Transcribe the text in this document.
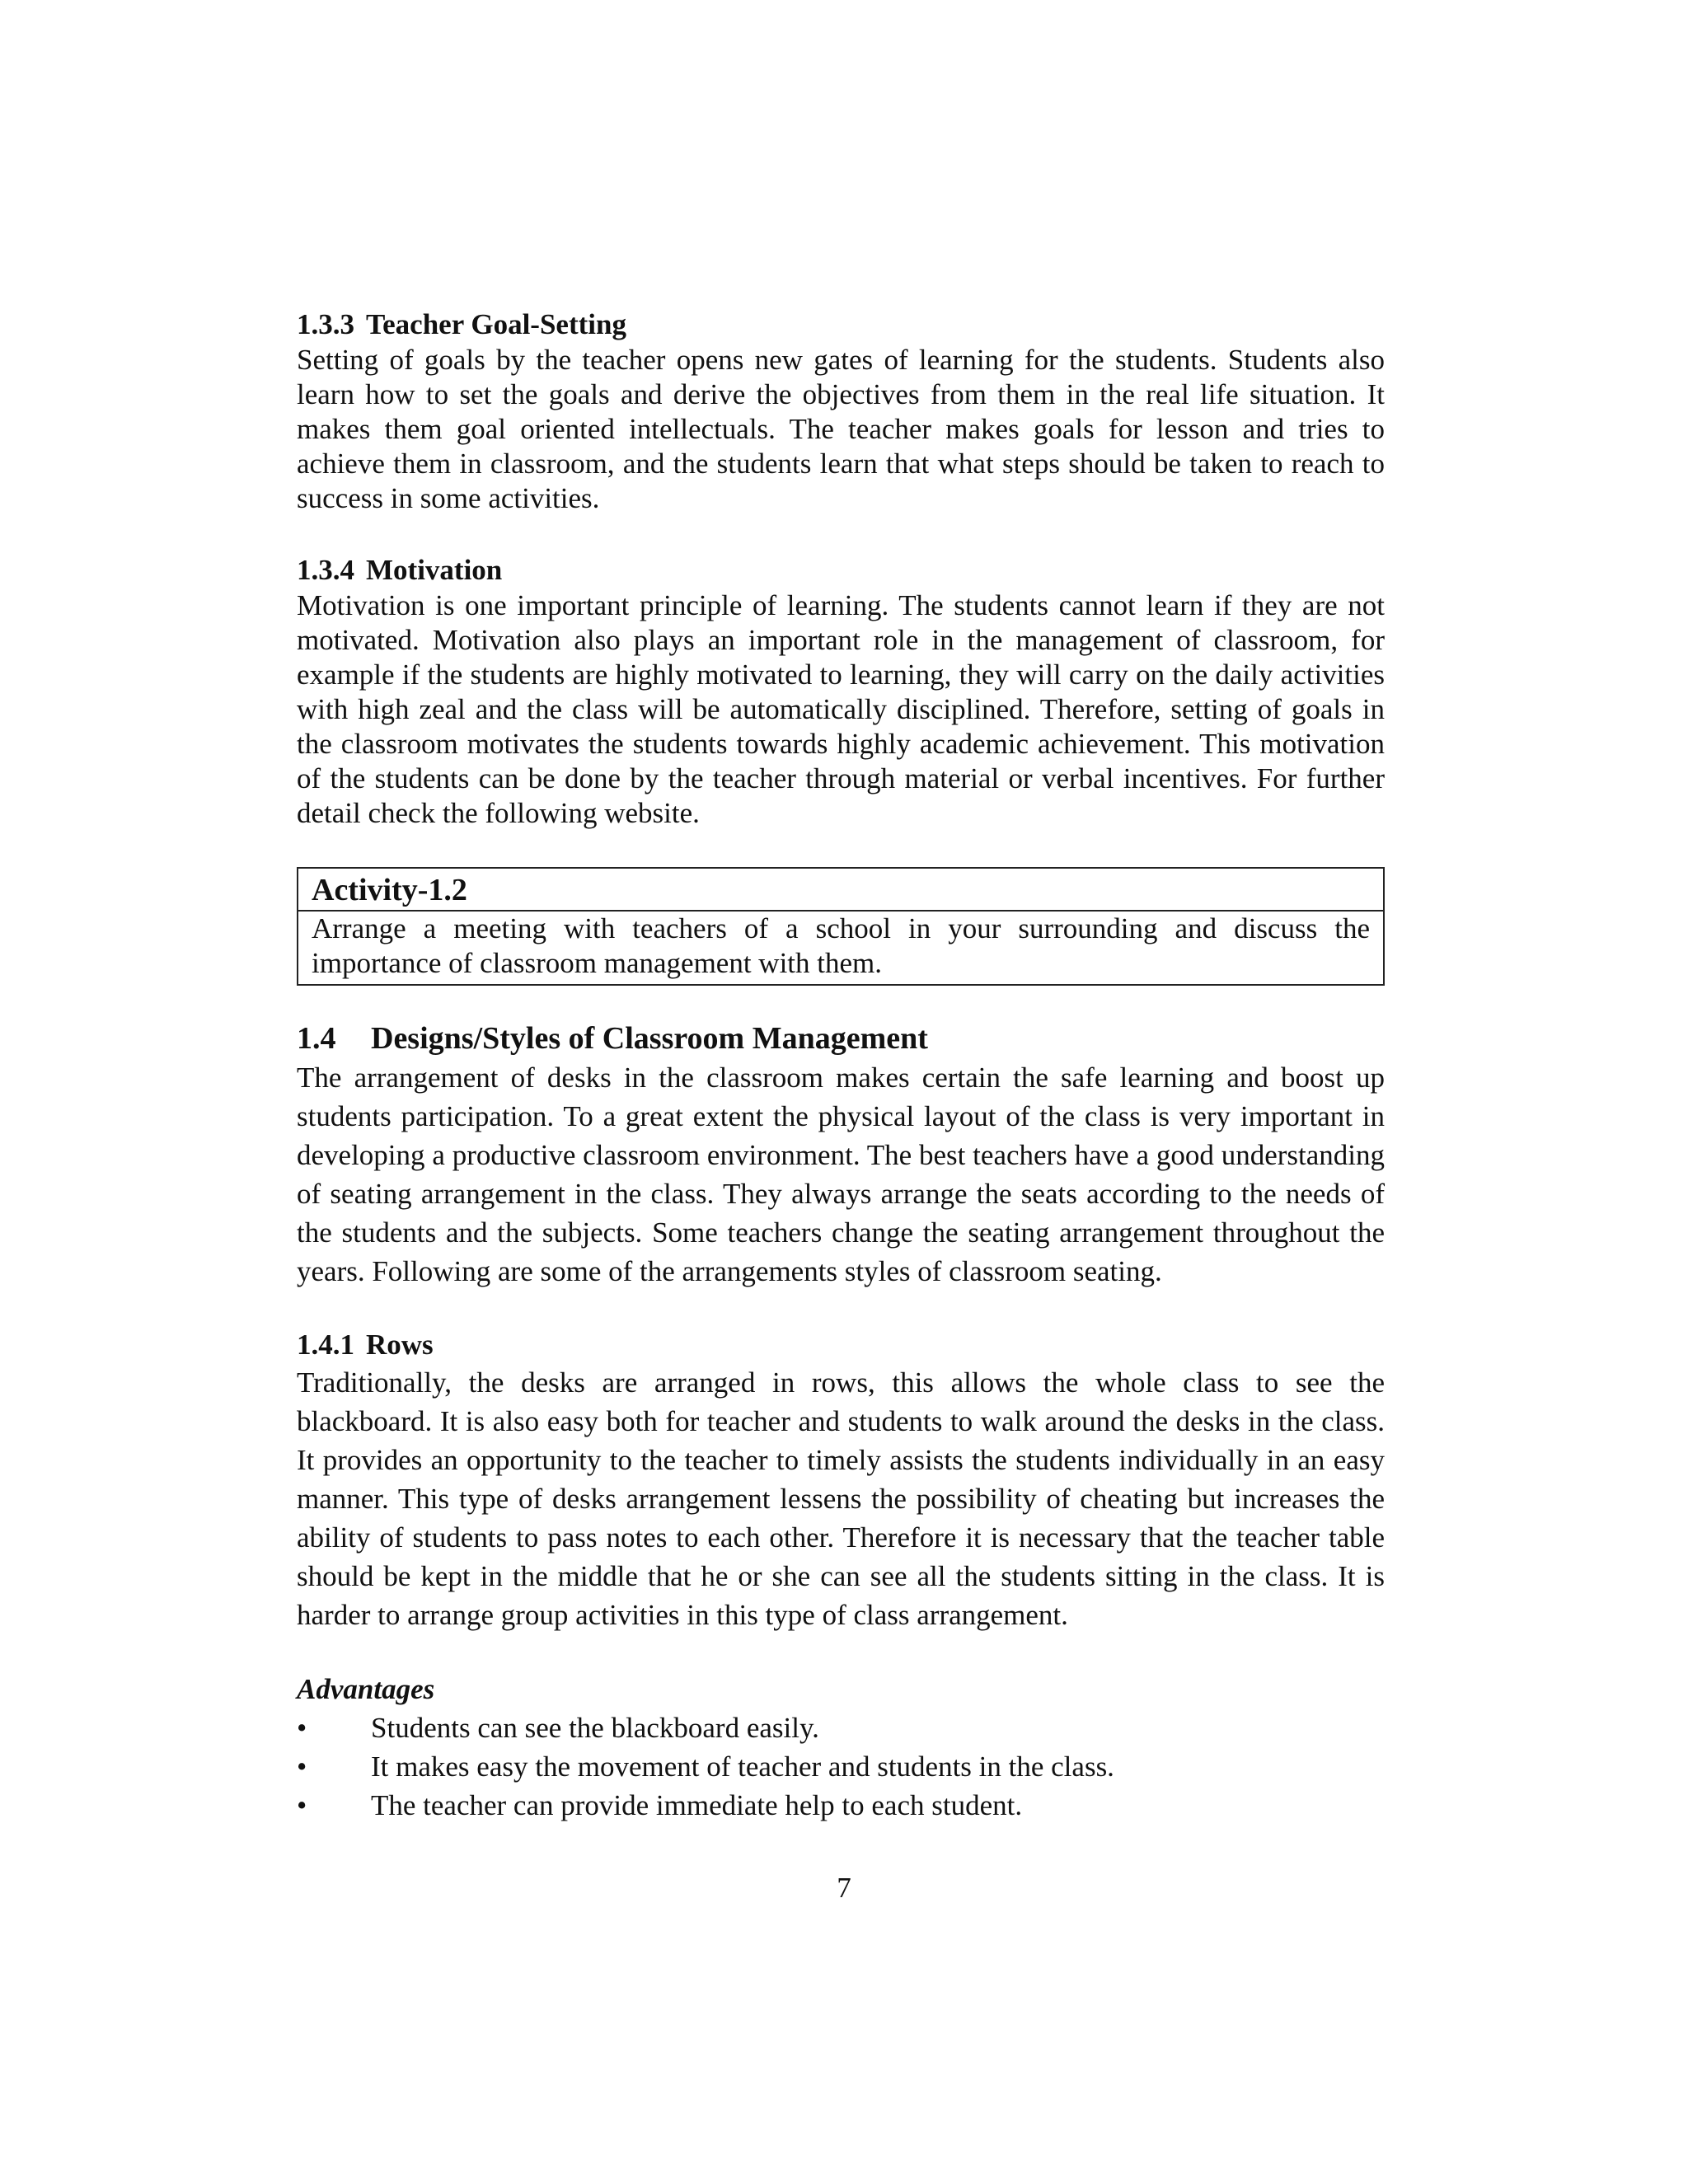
1.3.3 Teacher Goal-Setting

Setting of goals by the teacher opens new gates of learning for the students. Students also learn how to set the goals and derive the objectives from them in the real life situation. It makes them goal oriented intellectuals. The teacher makes goals for lesson and tries to achieve them in classroom, and the students learn that what steps should be taken to reach to success in some activities.

1.3.4 Motivation

Motivation is one important principle of learning. The students cannot learn if they are not motivated. Motivation also plays an important role in the management of classroom, for example if the students are highly motivated to learning, they will carry on the daily activities with high zeal and the class will be automatically disciplined. Therefore, setting of goals in the classroom motivates the students towards highly academic achievement. This motivation of the students can be done by the teacher through material or verbal incentives. For further detail check the following website.

Activity-1.2

Arrange a meeting with teachers of a school in your surrounding and discuss the importance of classroom management with them.

1.4 Designs/Styles of Classroom Management

The arrangement of desks in the classroom makes certain the safe learning and boost up students participation. To a great extent the physical layout of the class is very important in developing a productive classroom environment. The best teachers have a good understanding of seating arrangement in the class. They always arrange the seats according to the needs of the students and the subjects. Some teachers change the seating arrangement throughout the years. Following are some of the arrangements styles of classroom seating.

1.4.1 Rows

Traditionally, the desks are arranged in rows, this allows the whole class to see the blackboard. It is also easy both for teacher and students to walk around the desks in the class. It provides an opportunity to the teacher to timely assists the students individually in an easy manner. This type of desks arrangement lessens the possibility of cheating but increases the ability of students to pass notes to each other. Therefore it is necessary that the teacher table should be kept in the middle that he or she can see all the students sitting in the class. It is harder to arrange group activities in this type of class arrangement.

Advantages
•	Students can see the blackboard easily.
•	It makes easy the movement of teacher and students in the class.
•	The teacher can provide immediate help to each student.
7
